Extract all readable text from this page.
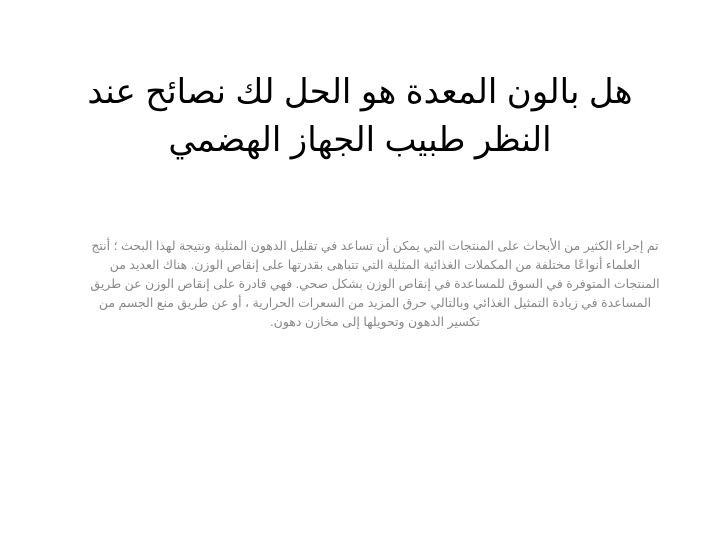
هل بالون المعدة هو الحل لك نصائح عند النظر طبيب الجهاز الهضمي

تم إجراء الكثير من الأبحاث على المنتجات التي يمكن أن تساعد في تقليل الدهون المثلية ونتيجة لهذا البحث ؛ أنتج العلماء أنواعًا مختلفة من المكملات الغذائية المثلية التي تتباهى بقدرتها على إنقاص الوزن. هناك العديد من المنتجات المتوفرة في السوق للمساعدة في إنقاص الوزن بشكل صحي. فهي قادرة على إنقاص الوزن عن طريق المساعدة في زيادة التمثيل الغذائي وبالتالي حرق المزيد من السعرات الحرارية ، أو عن طريق منع الجسم من تكسير الدهون وتحويلها إلى مخازن دهون.
